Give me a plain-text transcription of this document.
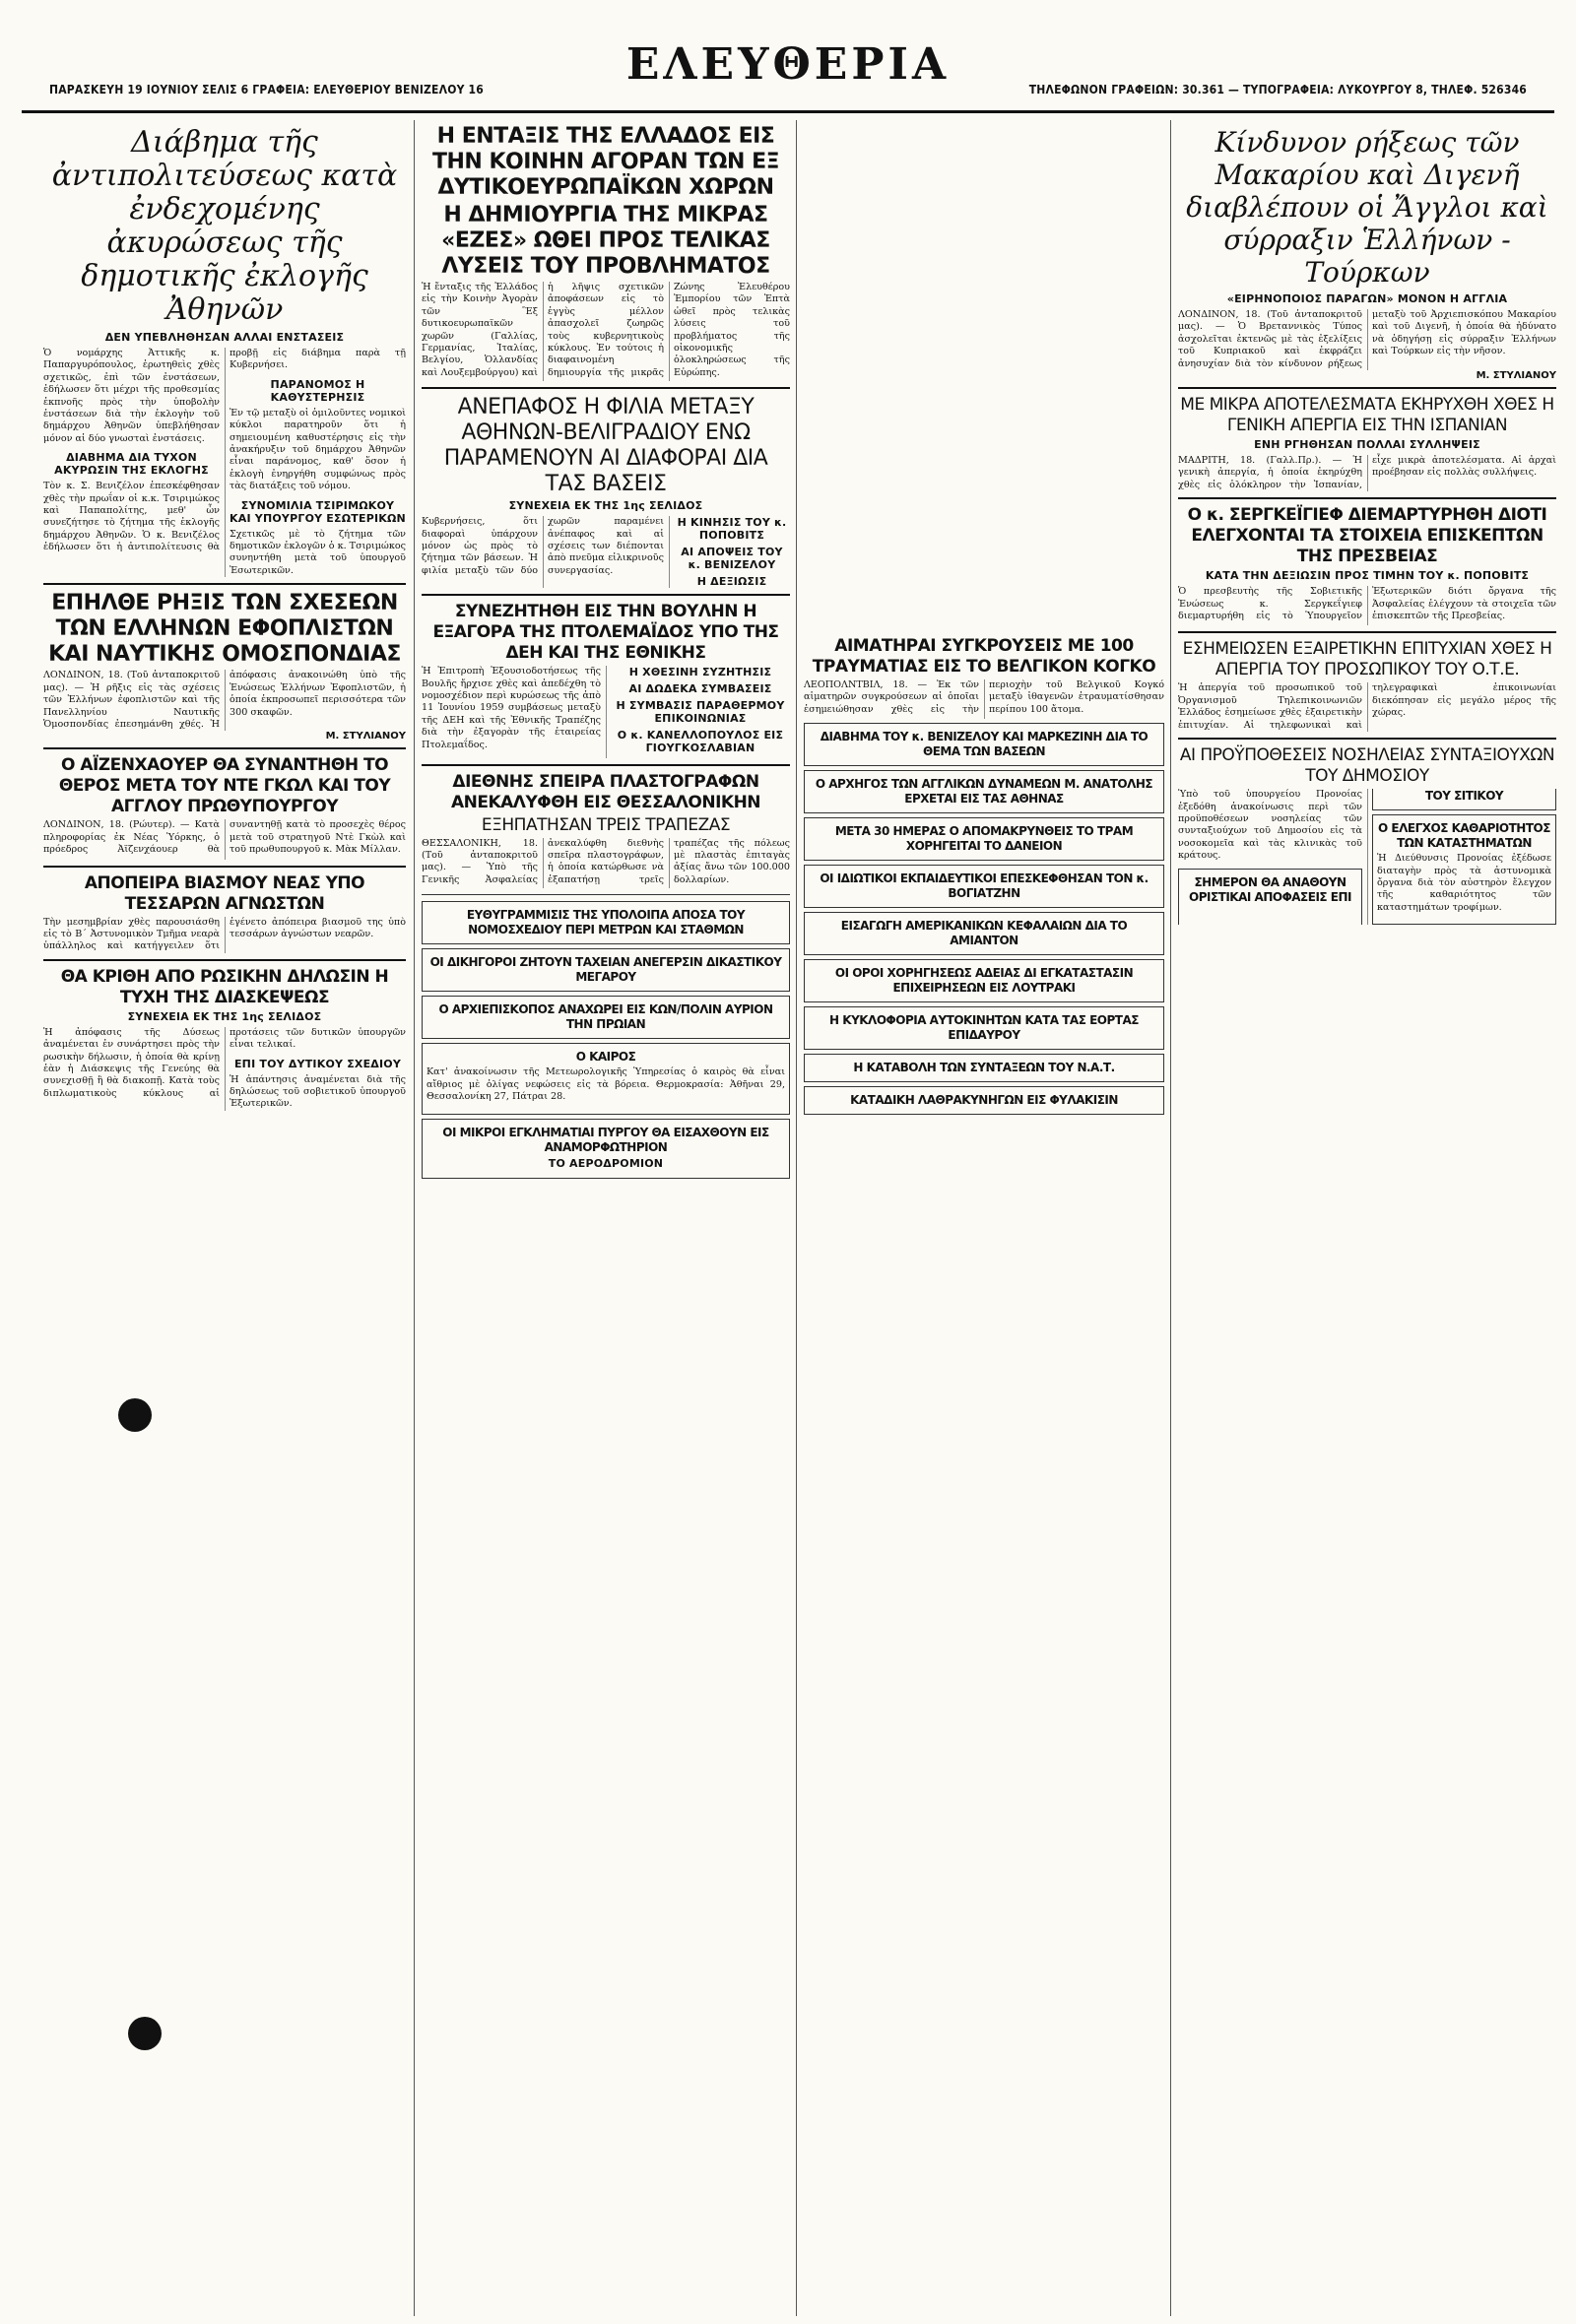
ΠΑΡΑΣΚΕΥΗ 19 ΙΟΥΝΙΟΥ ΣΕΛΙΣ 6 ΓΡΑΦΕΙΑ: ΕΛΕΥΘΕΡΙΟΥ ΒΕΝΙΖΕΛΟΥ 16	ΕΛΕΥΘΕΡΙΑ	ΤΗΛΕΦΩΝΟΝ ΓΡΑΦΕΙΩΝ: 30.361 — ΤΥΠΟΓΡΑΦΕΙΑ: ΛΥΚΟΥΡΓΟΥ 8, ΤΗΛΕΦ. 526346
Διάβημα τῆς ἀντιπολιτεύσεως κατὰ ἐνδεχομένης ἀκυρώσεως τῆς δημοτικῆς ἐκλογῆς Ἀθηνῶν
ΔΕΝ ΥΠΕΒΛΗΘΗΣΑΝ ΑΛΛΑΙ ΕΝΣΤΑΣΕΙΣ

Ὁ νομάρχης Ἀττικῆς κ. Παπαργυρόπουλος, ἐρωτηθεὶς χθὲς σχετικῶς, ἐπὶ τῶν ἐνστάσεων, ἐδήλωσεν ὅτι μέχρι τῆς προθεσμίας ἐκπνοῆς πρὸς τὴν ὑποβολὴν ἐνστάσεων διὰ τὴν ἐκλογὴν τοῦ δημάρχου Ἀθηνῶν ὑπεβλήθησαν μόνον αἱ δύο γνωσταὶ ἐνστάσεις.

ΔΙΑΒΗΜΑ ΔΙΑ ΤΥΧΟΝ ΑΚΥΡΩΣΙΝ ΤΗΣ ΕΚΛΟΓΗΣ

Τὸν κ. Σ. Βενιζέλον ἐπεσκέφθησαν χθὲς τὴν πρωΐαν οἱ κ.κ. Τσιριμώκος καὶ Παπαπολίτης, μεθ' ὧν συνεζήτησε τὸ ζήτημα τῆς ἐκλογῆς δημάρχου Ἀθηνῶν. Ὁ κ. Βενιζέλος ἐδήλωσεν ὅτι ἡ ἀντιπολίτευσις θὰ προβῇ εἰς διάβημα παρὰ τῇ Κυβερνήσει.

ΠΑΡΑΝΟΜΟΣ Η ΚΑΘΥΣΤΕΡΗΣΙΣ

Ἐν τῷ μεταξὺ οἱ ὁμιλοῦντες νομικοὶ κύκλοι παρατηροῦν ὅτι ἡ σημειουμένη καθυστέρησις εἰς τὴν ἀνακήρυξιν τοῦ δημάρχου Ἀθηνῶν εἶναι παράνομος, καθ' ὅσον ἡ ἐκλογὴ ἐνηργήθη συμφώνως πρὸς τὰς διατάξεις τοῦ νόμου.

ΣΥΝΟΜΙΛΙΑ ΤΣΙΡΙΜΩΚΟΥ ΚΑΙ ΥΠΟΥΡΓΟΥ ΕΣΩΤΕΡΙΚΩΝ

Σχετικῶς μὲ τὸ ζήτημα τῶν δημοτικῶν ἐκλογῶν ὁ κ. Τσιριμώκος συνηντήθη μετὰ τοῦ ὑπουργοῦ Ἐσωτερικῶν.

ΕΠΗΛΘΕ ΡΗΞΙΣ ΤΩΝ ΣΧΕΣΕΩΝ ΤΩΝ ΕΛΛΗΝΩΝ ΕΦΟΠΛΙΣΤΩΝ ΚΑΙ ΝΑΥΤΙΚΗΣ ΟΜΟΣΠΟΝΔΙΑΣ

ΛΟΝΔΙΝΟΝ, 18. (Τοῦ ἀνταποκριτοῦ μας). — Ἡ ρῆξις εἰς τὰς σχέσεις τῶν Ἑλλήνων ἐφοπλιστῶν καὶ τῆς Πανελληνίου Ναυτικῆς Ὁμοσπονδίας ἐπεσημάνθη χθές. Ἡ ἀπόφασις ἀνακοινώθη ὑπὸ τῆς Ἑνώσεως Ἑλλήνων Ἐφοπλιστῶν, ἡ ὁποία ἐκπροσωπεῖ περισσότερα τῶν 300 σκαφῶν.

Μ. ΣΤΥΛΙΑΝΟΥ
Ο ΑΪΖΕΝΧΑΟΥΕΡ ΘΑ ΣΥΝΑΝΤΗΘΗ ΤΟ ΘΕΡΟΣ ΜΕΤΑ ΤΟΥ ΝΤΕ ΓΚΩΛ ΚΑΙ ΤΟΥ ΑΓΓΛΟΥ ΠΡΩΘΥΠΟΥΡΓΟΥ

ΛΟΝΔΙΝΟΝ, 18. (Ρώυτερ). — Κατὰ πληροφορίας ἐκ Νέας Ὑόρκης, ὁ πρόεδρος Ἀϊζενχάουερ θὰ συναντηθῇ κατὰ τὸ προσεχὲς θέρος μετὰ τοῦ στρατηγοῦ Ντὲ Γκὼλ καὶ τοῦ πρωθυπουργοῦ κ. Μὰκ Μίλλαν.

ΑΠΟΠΕΙΡΑ ΒΙΑΣΜΟΥ ΝΕΑΣ ΥΠΟ ΤΕΣΣΑΡΩΝ ΑΓΝΩΣΤΩΝ

Τὴν μεσημβρίαν χθὲς παρουσιάσθη εἰς τὸ Β΄ Ἀστυνομικὸν Τμῆμα νεαρὰ ὑπάλληλος καὶ κατήγγειλεν ὅτι ἐγένετο ἀπόπειρα βιασμοῦ της ὑπὸ τεσσάρων ἀγνώστων νεαρῶν.

ΘΑ ΚΡΙΘΗ ΑΠΟ ΡΩΣΙΚΗΝ ΔΗΛΩΣΙΝ Η ΤΥΧΗ ΤΗΣ ΔΙΑΣΚΕΨΕΩΣ
ΣΥΝΕΧΕΙΑ ΕΚ ΤΗΣ 1ης ΣΕΛΙΔΟΣ

Ἡ ἀπόφασις τῆς Δύσεως ἀναμένεται ἐν συνάρτησει πρὸς τὴν ρωσικὴν δήλωσιν, ἡ ὁποία θὰ κρίνῃ ἐὰν ἡ Διάσκεψις τῆς Γενεύης θὰ συνεχισθῇ ἢ θὰ διακοπῇ. Κατὰ τοὺς διπλωματικοὺς κύκλους αἱ προτάσεις τῶν δυτικῶν ὑπουργῶν εἶναι τελικαί.

ΕΠΙ ΤΟΥ ΔΥΤΙΚΟΥ ΣΧΕΔΙΟΥ

Ἡ ἀπάντησις ἀναμένεται διὰ τῆς δηλώσεως τοῦ σοβιετικοῦ ὑπουργοῦ Ἐξωτερικῶν.

Η ΕΝΤΑΞΙΣ ΤΗΣ ΕΛΛΑΔΟΣ ΕΙΣ ΤΗΝ ΚΟΙΝΗΝ ΑΓΟΡΑΝ ΤΩΝ ΕΞ ΔΥΤΙΚΟΕΥΡΩΠΑΪΚΩΝ ΧΩΡΩΝ
Η ΔΗΜΙΟΥΡΓΙΑ ΤΗΣ ΜΙΚΡΑΣ «ΕΖΕΣ» ΩΘΕΙ ΠΡΟΣ ΤΕΛΙΚΑΣ ΛΥΣΕΙΣ ΤΟΥ ΠΡΟΒΛΗΜΑΤΟΣ

Ἡ ἔνταξις τῆς Ἑλλάδος εἰς τὴν Κοινὴν Ἀγορὰν τῶν Ἓξ δυτικοευρωπαϊκῶν χωρῶν (Γαλλίας, Γερμανίας, Ἰταλίας, Βελγίου, Ὁλλανδίας καὶ Λουξεμβούργου) καὶ ἡ λῆψις σχετικῶν ἀποφάσεων εἰς τὸ ἐγγὺς μέλλον ἀπασχολεῖ ζωηρῶς τοὺς κυβερνητικοὺς κύκλους. Ἐν τούτοις ἡ διαφαινομένη δημιουργία τῆς μικρᾶς Ζώνης Ἐλευθέρου Ἐμπορίου τῶν Ἑπτὰ ὠθεῖ πρὸς τελικὰς λύσεις τοῦ προβλήματος τῆς οἰκονομικῆς ὁλοκληρώσεως τῆς Εὐρώπης.

ΑΝΕΠΑΦΟΣ Η ΦΙΛΙΑ ΜΕΤΑΞΥ ΑΘΗΝΩΝ-ΒΕΛΙΓΡΑΔΙΟΥ ΕΝΩ ΠΑΡΑΜΕΝΟΥΝ ΑΙ ΔΙΑΦΟΡΑΙ ΔΙΑ ΤΑΣ ΒΑΣΕΙΣ
ΣΥΝΕΧΕΙΑ ΕΚ ΤΗΣ 1ης ΣΕΛΙΔΟΣ

Κυβερνήσεις, ὅτι διαφοραὶ ὑπάρχουν μόνον ὡς πρὸς τὸ ζήτημα τῶν βάσεων. Ἡ φιλία μεταξὺ τῶν δύο χωρῶν παραμένει ἀνέπαφος καὶ αἱ σχέσεις των διέπονται ἀπὸ πνεῦμα εἰλικρινοῦς συνεργασίας.

Η ΚΙΝΗΣΙΣ ΤΟΥ κ. ΠΟΠΟΒΙΤΣ
ΑΙ ΑΠΟΨΕΙΣ ΤΟΥ κ. ΒΕΝΙΖΕΛΟΥ
Η ΔΕΞΙΩΣΙΣ
ΣΥΝΕΖΗΤΗΘΗ ΕΙΣ ΤΗΝ ΒΟΥΛΗΝ Η ΕΞΑΓΟΡΑ ΤΗΣ ΠΤΟΛΕΜΑΪΔΟΣ ΥΠΟ ΤΗΣ ΔΕΗ ΚΑΙ ΤΗΣ ΕΘΝΙΚΗΣ

Ἡ Ἐπιτροπὴ Ἐξουσιοδοτήσεως τῆς Βουλῆς ἤρχισε χθὲς καὶ ἀπεδέχθη τὸ νομοσχέδιον περὶ κυρώσεως τῆς ἀπὸ 11 Ἰουνίου 1959 συμβάσεως μεταξὺ τῆς ΔΕΗ καὶ τῆς Ἐθνικῆς Τραπέζης διὰ τὴν ἐξαγορὰν τῆς ἐταιρείας Πτολεμαΐδος.

Η ΧΘΕΣΙΝΗ ΣΥΖΗΤΗΣΙΣ
ΑΙ ΔΩΔΕΚΑ ΣΥΜΒΑΣΕΙΣ
Η ΣΥΜΒΑΣΙΣ ΠΑΡΑΘΕΡΜΟΥ ΕΠΙΚΟΙΝΩΝΙΑΣ
Ο κ. ΚΑΝΕΛΛΟΠΟΥΛΟΣ ΕΙΣ ΓΙΟΥΓΚΟΣΛΑΒΙΑΝ
ΔΙΕΘΝΗΣ ΣΠΕΙΡΑ ΠΛΑΣΤΟΓΡΑΦΩΝ ΑΝΕΚΑΛΥΦΘΗ ΕΙΣ ΘΕΣΣΑΛΟΝΙΚΗΝ
ΕΞΗΠΑΤΗΣΑΝ ΤΡΕΙΣ ΤΡΑΠΕΖΑΣ

ΘΕΣΣΑΛΟΝΙΚΗ, 18. (Τοῦ ἀνταποκριτοῦ μας). — Ὑπὸ τῆς Γενικῆς Ἀσφαλείας ἀνεκαλύφθη διεθνὴς σπεῖρα πλαστογράφων, ἡ ὁποία κατώρθωσε νὰ ἐξαπατήσῃ τρεῖς τραπέζας τῆς πόλεως μὲ πλαστὰς ἐπιταγὰς ἀξίας ἄνω τῶν 100.000 δολλαρίων.

ΕΥΘΥΓΡΑΜΜΙΣΙΣ ΤΗΣ ΥΠΟΛΟΙΠΑ ΑΠΟΣΑ ΤΟΥ ΝΟΜΟΣΧΕΔΙΟΥ ΠΕΡΙ ΜΕΤΡΩΝ ΚΑΙ ΣΤΑΘΜΩΝ
ΟΙ ΔΙΚΗΓΟΡΟΙ ΖΗΤΟΥΝ ΤΑΧΕΙΑΝ ΑΝΕΓΕΡΣΙΝ ΔΙΚΑΣΤΙΚΟΥ ΜΕΓΑΡΟΥ
Ο ΑΡΧΙΕΠΙΣΚΟΠΟΣ ΑΝΑΧΩΡΕΙ ΕΙΣ ΚΩΝ/ΠΟΛΙΝ ΑΥΡΙΟΝ ΤΗΝ ΠΡΩΙΑΝ
Ο ΚΑΙΡΟΣ

Κατ' ἀνακοίνωσιν τῆς Μετεωρολογικῆς Ὑπηρεσίας ὁ καιρὸς θὰ εἶναι αἴθριος μὲ ὀλίγας νεφώσεις εἰς τὰ βόρεια. Θερμοκρασία: Ἀθῆναι 29, Θεσσαλονίκη 27, Πάτραι 28.

ΟΙ ΜΙΚΡΟΙ ΕΓΚΛΗΜΑΤΙΑΙ ΠΥΡΓΟΥ ΘΑ ΕΙΣΑΧΘΟΥΝ ΕΙΣ ΑΝΑΜΟΡΦΩΤΗΡΙΟΝ
ΤΟ ΑΕΡΟΔΡΟΜΙΟΝ
ΑΙΜΑΤΗΡΑΙ ΣΥΓΚΡΟΥΣΕΙΣ ΜΕ 100 ΤΡΑΥΜΑΤΙΑΣ ΕΙΣ ΤΟ ΒΕΛΓΙΚΟΝ ΚΟΓΚΟ

ΛΕΟΠΟΛΝΤΒΙΛ, 18. — Ἐκ τῶν αἱματηρῶν συγκρούσεων αἱ ὁποῖαι ἐσημειώθησαν χθὲς εἰς τὴν περιοχὴν τοῦ Βελγικοῦ Κογκό μεταξὺ ἰθαγενῶν ἐτραυματίσθησαν περίπου 100 ἄτομα.

ΔΙΑΒΗΜΑ ΤΟΥ κ. ΒΕΝΙΖΕΛΟΥ ΚΑΙ ΜΑΡΚΕΖΙΝΗ ΔΙΑ ΤΟ ΘΕΜΑ ΤΩΝ ΒΑΣΕΩΝ
Ο ΑΡΧΗΓΟΣ ΤΩΝ ΑΓΓΛΙΚΩΝ ΔΥΝΑΜΕΩΝ Μ. ΑΝΑΤΟΛΗΣ ΕΡΧΕΤΑΙ ΕΙΣ ΤΑΣ ΑΘΗΝΑΣ
ΜΕΤΑ 30 ΗΜΕΡΑΣ Ο ΑΠΟΜΑΚΡΥΝΘΕΙΣ ΤΟ ΤΡΑΜ ΧΟΡΗΓΕΙΤΑΙ ΤΟ ΔΑΝΕΙΟΝ
ΟΙ ΙΔΙΩΤΙΚΟΙ ΕΚΠΑΙΔΕΥΤΙΚΟΙ ΕΠΕΣΚΕΦΘΗΣΑΝ ΤΟΝ κ. ΒΟΓΙΑΤΖΗΝ
ΕΙΣΑΓΩΓΗ ΑΜΕΡΙΚΑΝΙΚΩΝ ΚΕΦΑΛΑΙΩΝ ΔΙΑ ΤΟ ΑΜΙΑΝΤΟΝ
ΟΙ ΟΡΟΙ ΧΟΡΗΓΗΣΕΩΣ ΑΔΕΙΑΣ ΔΙ ΕΓΚΑΤΑΣΤΑΣΙΝ ΕΠΙΧΕΙΡΗΣΕΩΝ ΕΙΣ ΛΟΥΤΡΑΚΙ
Η ΚΥΚΛΟΦΟΡΙΑ ΑΥΤΟΚΙΝΗΤΩΝ ΚΑΤΑ ΤΑΣ ΕΟΡΤΑΣ ΕΠΙΔΑΥΡΟΥ
Η ΚΑΤΑΒΟΛΗ ΤΩΝ ΣΥΝΤΑΞΕΩΝ ΤΟΥ Ν.Α.Τ.
ΚΑΤΑΔΙΚΗ ΛΑΘΡΑΚΥΝΗΓΩΝ ΕΙΣ ΦΥΛΑΚΙΣΙΝ
Κίνδυνον ρήξεως τῶν Μακαρίου καὶ Διγενῆ διαβλέπουν οἱ Ἄγγλοι καὶ σύρραξιν Ἑλλήνων - Τούρκων
«ΕΙΡΗΝΟΠΟΙΟΣ ΠΑΡΑΓΩΝ» ΜΟΝΟΝ Η ΑΓΓΛΙΑ

ΛΟΝΔΙΝΟΝ, 18. (Τοῦ ἀνταποκριτοῦ μας). — Ὁ Βρεταννικὸς Τύπος ἀσχολεῖται ἐκτενῶς μὲ τὰς ἐξελίξεις τοῦ Κυπριακοῦ καὶ ἐκφράζει ἀνησυχίαν διὰ τὸν κίνδυνον ρήξεως μεταξὺ τοῦ Ἀρχιεπισκόπου Μακαρίου καὶ τοῦ Διγενῆ, ἡ ὁποία θὰ ἠδύνατο νὰ ὁδηγήσῃ εἰς σύρραξιν Ἑλλήνων καὶ Τούρκων εἰς τὴν νῆσον.

Μ. ΣΤΥΛΙΑΝΟΥ
ΜΕ ΜΙΚΡΑ ΑΠΟΤΕΛΕΣΜΑΤΑ ΕΚΗΡΥΧΘΗ ΧΘΕΣ Η ΓΕΝΙΚΗ ΑΠΕΡΓΙΑ ΕΙΣ ΤΗΝ ΙΣΠΑΝΙΑΝ
ΕΝΗ ΡΓΗΘΗΣΑΝ ΠΟΛΛΑΙ ΣΥΛΛΗΨΕΙΣ

ΜΑΔΡΙΤΗ, 18. (Γαλλ.Πρ.). — Ἡ γενικὴ ἀπεργία, ἡ ὁποία ἐκηρύχθη χθὲς εἰς ὁλόκληρον τὴν Ἰσπανίαν, εἶχε μικρὰ ἀποτελέσματα. Αἱ ἀρχαὶ προέβησαν εἰς πολλὰς συλλήψεις.

Ο κ. ΣΕΡΓΚΕΪΓΙΕΦ ΔΙΕΜΑΡΤΥΡΗΘΗ ΔΙΟΤΙ ΕΛΕΓΧΟΝΤΑΙ ΤΑ ΣΤΟΙΧΕΙΑ ΕΠΙΣΚΕΠΤΩΝ ΤΗΣ ΠΡΕΣΒΕΙΑΣ
ΚΑΤΑ ΤΗΝ ΔΕΞΙΩΣΙΝ ΠΡΟΣ ΤΙΜΗΝ ΤΟΥ κ. ΠΟΠΟΒΙΤΣ

Ὁ πρεσβευτὴς τῆς Σοβιετικῆς Ἑνώσεως κ. Σεργκεΐγιεφ διεμαρτυρήθη εἰς τὸ Ὑπουργεῖον Ἐξωτερικῶν διότι ὄργανα τῆς Ἀσφαλείας ἐλέγχουν τὰ στοιχεῖα τῶν ἐπισκεπτῶν τῆς Πρεσβείας.

ΕΣΗΜΕΙΩΣΕΝ ΕΞΑΙΡΕΤΙΚΗΝ ΕΠΙΤΥΧΙΑΝ ΧΘΕΣ Η ΑΠΕΡΓΙΑ ΤΟΥ ΠΡΟΣΩΠΙΚΟΥ ΤΟΥ Ο.Τ.Ε.

Ἡ ἀπεργία τοῦ προσωπικοῦ τοῦ Ὀργανισμοῦ Τηλεπικοινωνιῶν Ἑλλάδος ἐσημείωσε χθὲς ἐξαιρετικὴν ἐπιτυχίαν. Αἱ τηλεφωνικαὶ καὶ τηλεγραφικαὶ ἐπικοινωνίαι διεκόπησαν εἰς μεγάλο μέρος τῆς χώρας.

ΑΙ ΠΡΟΫΠΟΘΕΣΕΙΣ ΝΟΣΗΛΕΙΑΣ ΣΥΝΤΑΞΙΟΥΧΩΝ ΤΟΥ ΔΗΜΟΣΙΟΥ

Ὑπὸ τοῦ ὑπουργείου Προνοίας ἐξεδόθη ἀνακοίνωσις περὶ τῶν προϋποθέσεων νοσηλείας τῶν συνταξιούχων τοῦ Δημοσίου εἰς τὰ νοσοκομεῖα καὶ τὰς κλινικὰς τοῦ κράτους.

ΣΗΜΕΡΟΝ ΘΑ ΑΝΑΘΟΥΝ ΟΡΙΣΤΙΚΑΙ ΑΠΟΦΑΣΕΙΣ ΕΠΙ ΤΟΥ ΣΙΤΙΚΟΥ
Ο ΕΛΕΓΧΟΣ ΚΑΘΑΡΙΟΤΗΤΟΣ ΤΩΝ ΚΑΤΑΣΤΗΜΑΤΩΝ

Ἡ Διεύθυνσις Προνοίας ἐξέδωσε διαταγὴν πρὸς τὰ ἀστυνομικὰ ὄργανα διὰ τὸν αὐστηρὸν ἔλεγχον τῆς καθαριότητος τῶν καταστημάτων τροφίμων.
